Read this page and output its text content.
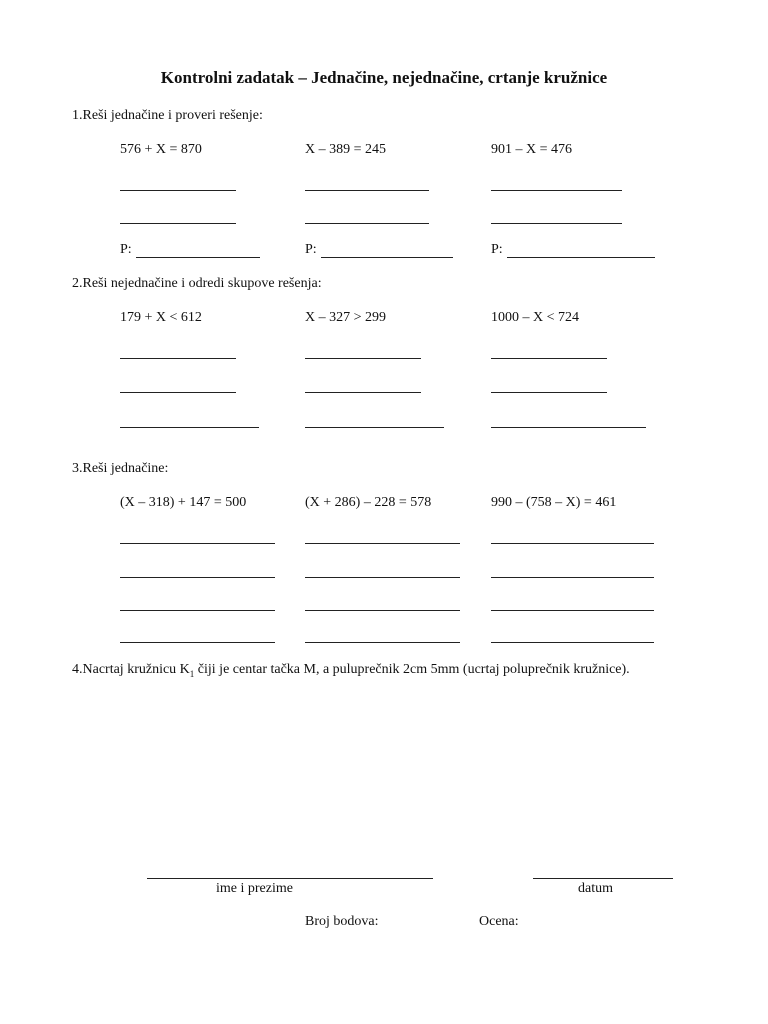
Kontrolni zadatak – Jednačine, nejednačine, crtanje kružnice
1.Reši jednačine i proveri rešenje:
576 + X = 870	X – 389 = 245	901 – X = 476
P:	P:	P:
2.Reši nejednačine i odredi skupove rešenja:
179 + X < 612	X – 327 > 299	1000 – X < 724
3.Reši jednačine:
(X – 318) + 147 = 500	(X + 286) – 228 = 578	990 – (758 – X) = 461
4.Nacrtaj kružnicu $K_1$ čiji je centar tačka M, a pulupre​čnik 2cm 5mm (ucrtaj poluprečnik kružnice).
ime i prezime	datum
Broj bodova:	Ocena:
